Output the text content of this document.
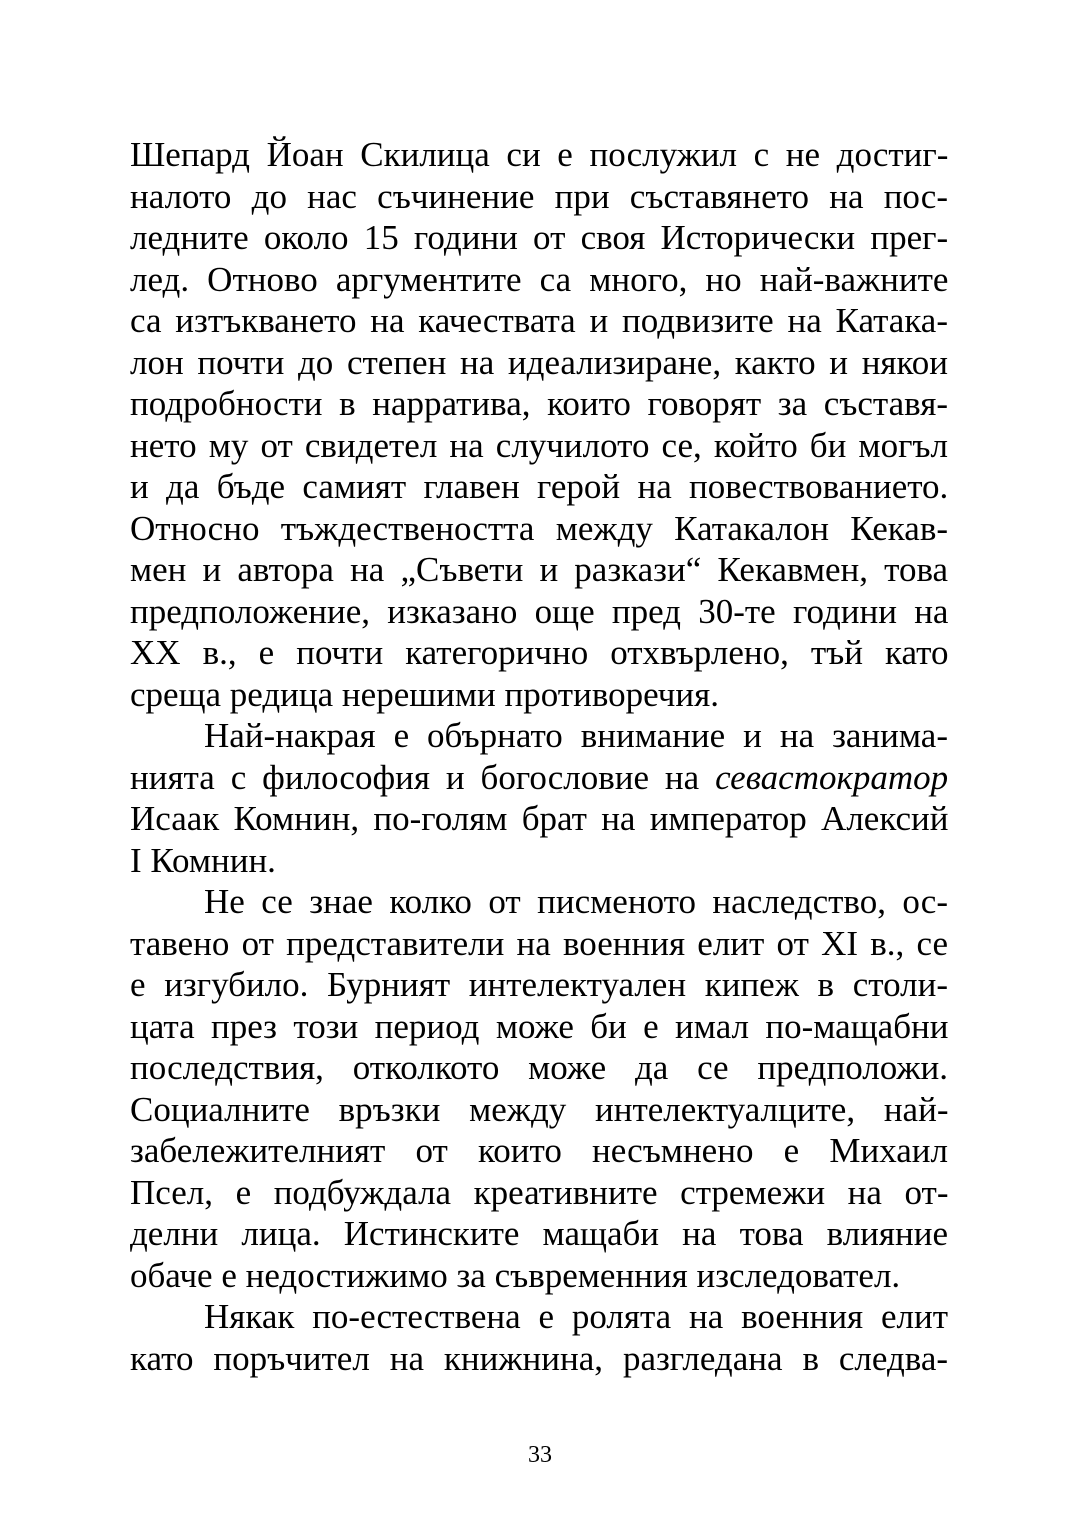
Шепард Йоан Скилица си е послужил с не достиг-
налото до нас съчинение при съставянето на пос-
ледните около 15 години от своя Исторически прег-
лед. Отново аргументите са много, но най-важните
са изтъкването на качествата и подвизите на Катака-
лон почти до степен на идеализиране, както и някои
подробности в нарратива, които говорят за съставя-
нето му от свидетел на случилото се, който би могъл
и да бъде самият главен герой на повествованието.
Относно тъждествеността между Катакалон Кекав-
мен и автора на „Съвети и разкази“ Кекавмен, това
предположение, изказано още пред 30-те години на
XX в., е почти категорично отхвърлено, тъй като
среща редица нерешими противоречия.
Най-накрая е обърнато внимание и на занима-
нията с философия и богословие на севастократор
Исаак Комнин, по-голям брат на император Алексий
I Комнин.
Не се знае колко от писменото наследство, ос-
тавено от представители на военния елит от XI в., се
е изгубило. Бурният интелектуален кипеж в столи-
цата през този период може би е имал по-мащабни
последствия, отколкото може да се предположи.
Социалните връзки между интелектуалците, най-
забележителният от които несъмнено е Михаил
Псел, е подбуждала креативните стремежи на от-
делни лица. Истинските мащаби на това влияние
обаче е недостижимо за съвременния изследовател.
Някак по-естествена е ролята на военния елит
като поръчител на книжнина, разгледана в следва-
33
